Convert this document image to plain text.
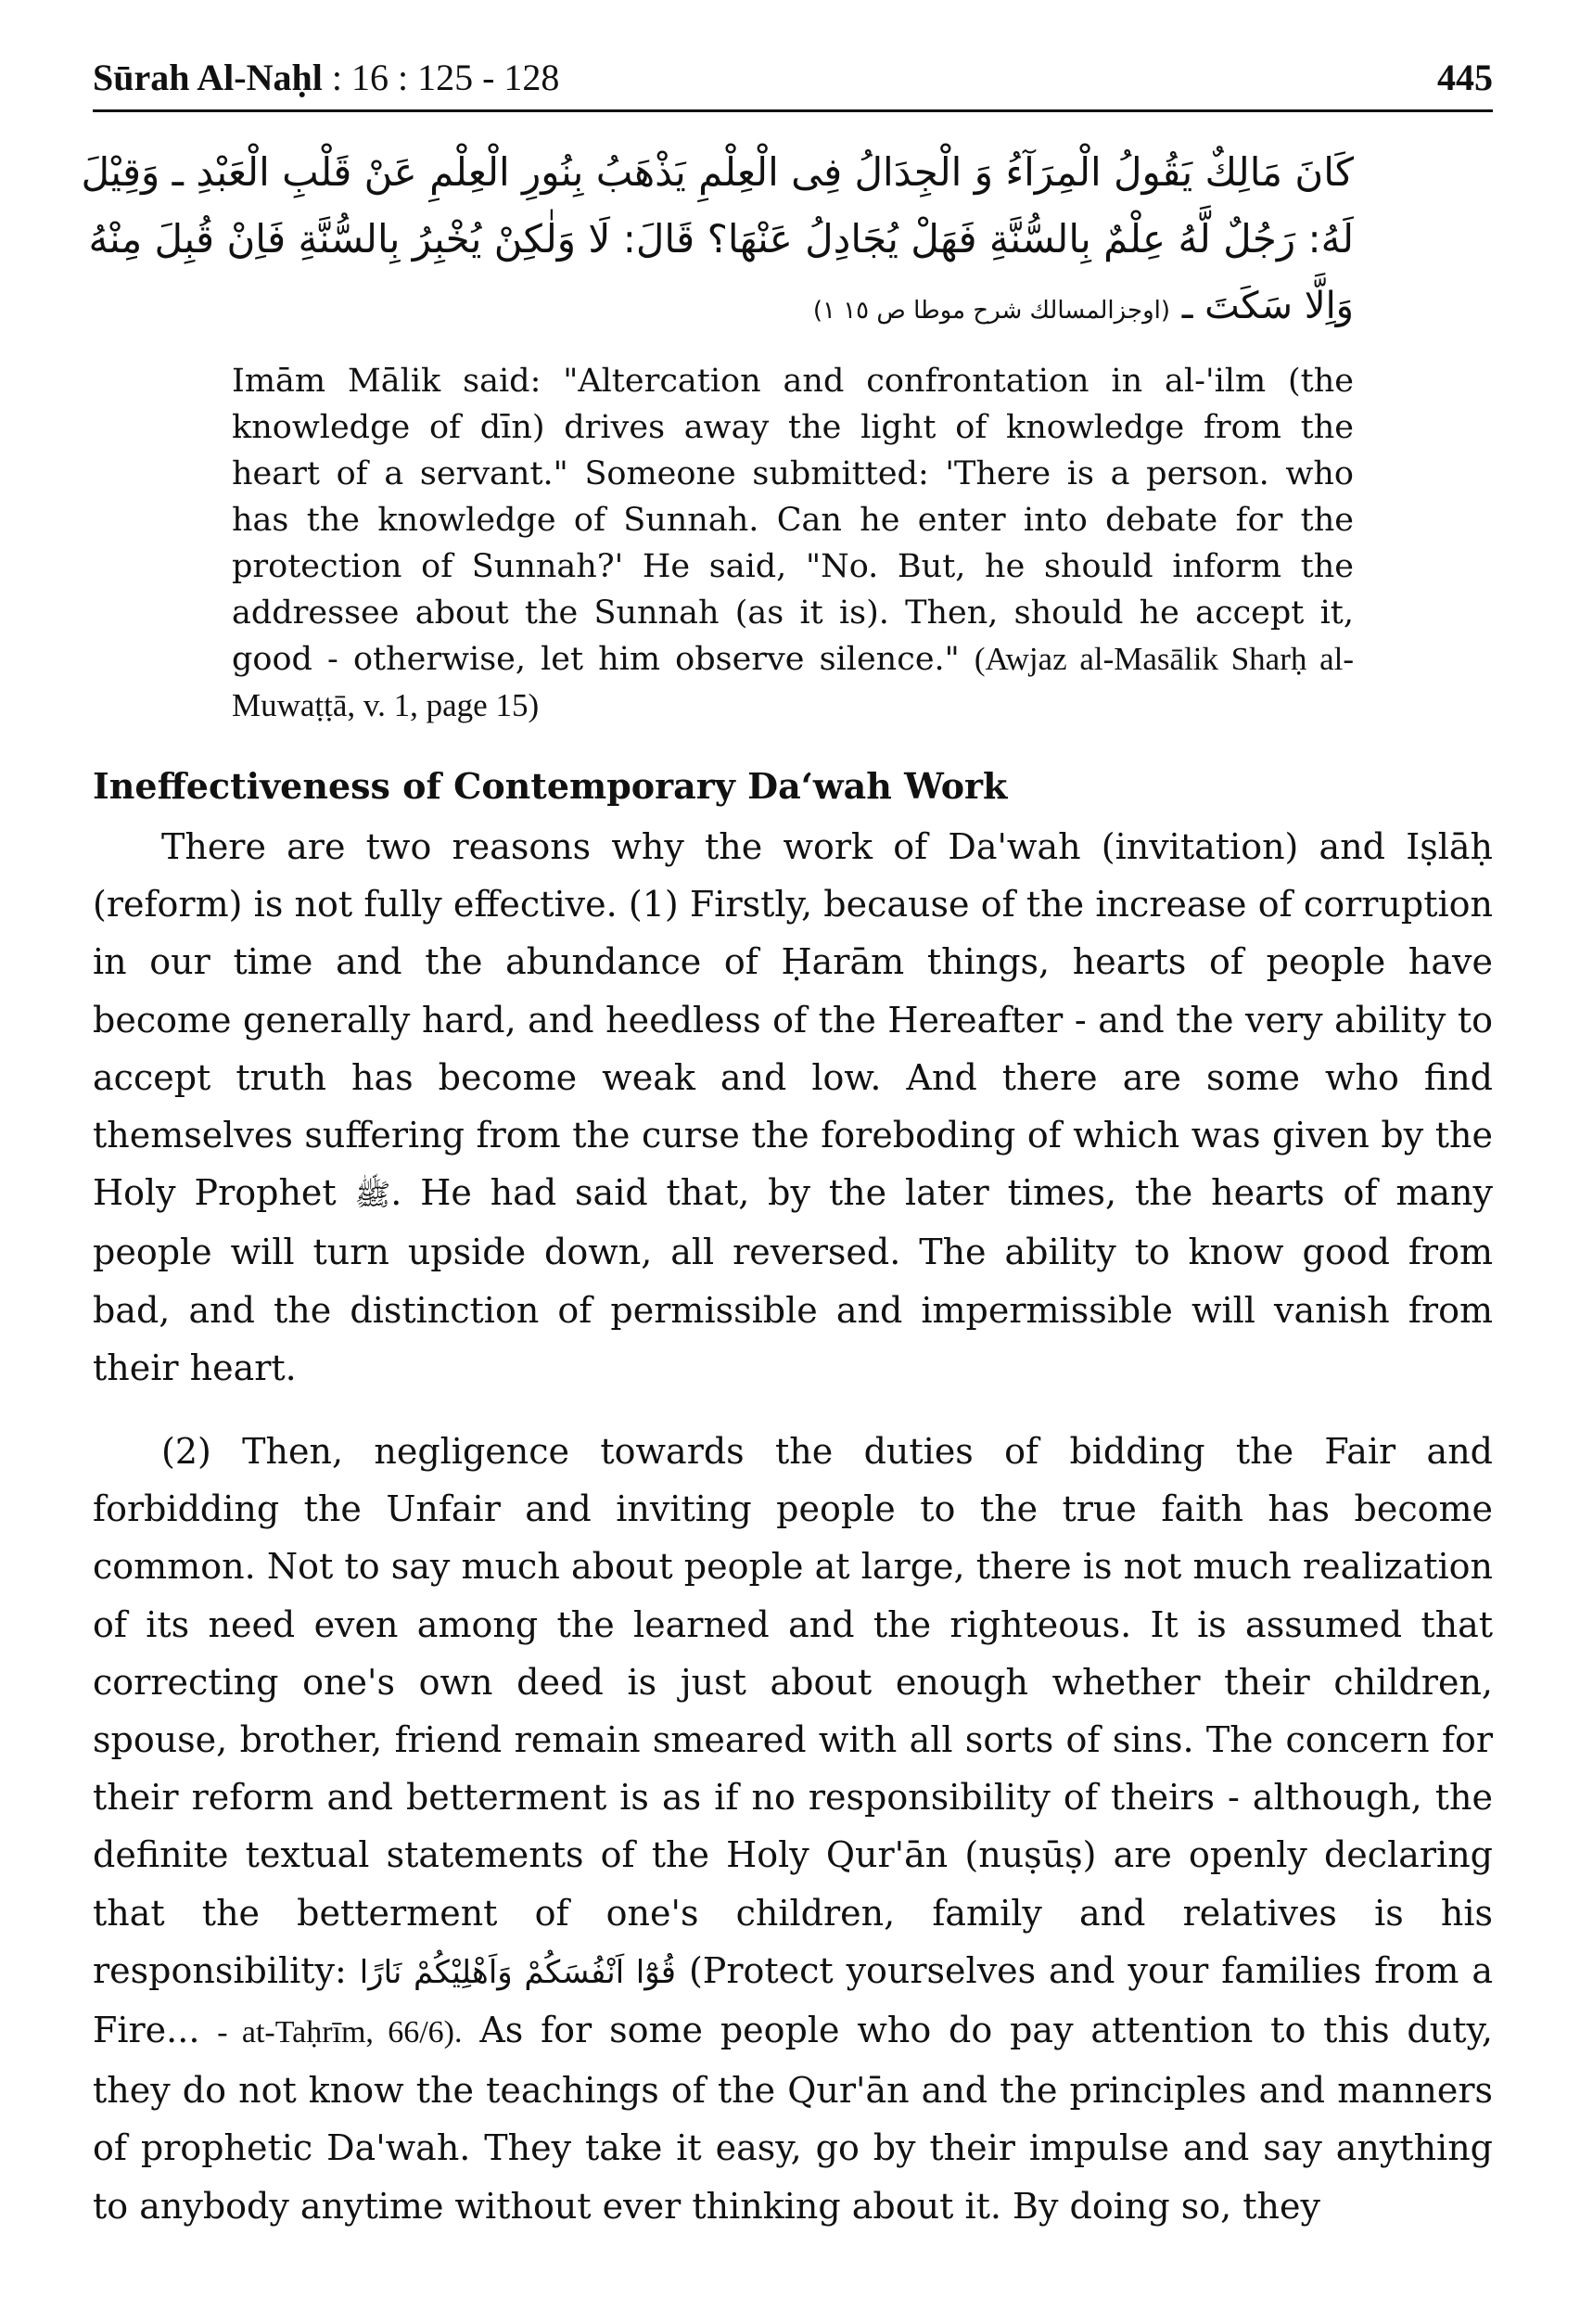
Sūrah Al-Naḥl : 16 : 125 - 128	445
كَانَ مَالِكٌ يَقُولُ الْمِرَآءُ وَ الْجِدَالُ فِى الْعِلْمِ يَذْهَبُ بِنُورِ الْعِلْمِ عَنْ قَلْبِ الْعَبْدِ ـ وَقِيْلَ
لَهُ: رَجُلٌ لَّهُ عِلْمٌ بِالسُّنَّةِ فَهَلْ يُجَادِلُ عَنْهَا؟ قَالَ: لَا وَلٰكِنْ يُخْبِرُ بِالسُّنَّةِ فَاِنْ قُبِلَ مِنْهُ
وَاِلَّا سَكَتَ ـ (اوجزالمسالك شرح موطا ص ١٥ ١)

Imām Mālik said: "Altercation and confrontation in al-'ilm (the knowledge of dīn) drives away the light of knowledge from the heart of a servant." Someone submitted: 'There is a person. who has the knowledge of Sunnah. Can he enter into debate for the protection of Sunnah?' He said, "No. But, he should inform the addressee about the Sunnah (as it is). Then, should he accept it, good - otherwise, let him observe silence." (Awjaz al-Masālik Sharḥ al-Muwaṭṭā, v. 1, page 15)

Ineffectiveness of Contemporary Da‘wah Work

There are two reasons why the work of Da'wah (invitation) and Iṣlāḥ (reform) is not fully effective. (1) Firstly, because of the increase of corruption in our time and the abundance of Ḥarām things, hearts of people have become generally hard, and heedless of the Hereafter - and the very ability to accept truth has become weak and low. And there are some who find themselves suffering from the curse the foreboding of which was given by the Holy Prophet ﷺ. He had said that, by the later times, the hearts of many people will turn upside down, all reversed. The ability to know good from bad, and the distinction of permissible and impermissible will vanish from their heart.

(2) Then, negligence towards the duties of bidding the Fair and forbidding the Unfair and inviting people to the true faith has become common. Not to say much about people at large, there is not much realization of its need even among the learned and the righteous. It is assumed that correcting one's own deed is just about enough whether their children, spouse, brother, friend remain smeared with all sorts of sins. The concern for their reform and betterment is as if no responsibility of theirs - although, the definite textual statements of the Holy Qur'ān (nuṣūṣ) are openly declaring that the betterment of one's children, family and relatives is his responsibility: قُوْٓا اَنْفُسَكُمْ وَاَهْلِيْكُمْ نَارًا (Protect yourselves and your families from a Fire... - at-Taḥrīm, 66/6). As for some people who do pay attention to this duty, they do not know the teachings of the Qur'ān and the principles and manners of prophetic Da'wah. They take it easy, go by their impulse and say anything to anybody anytime without ever thinking about it. By doing so, they
